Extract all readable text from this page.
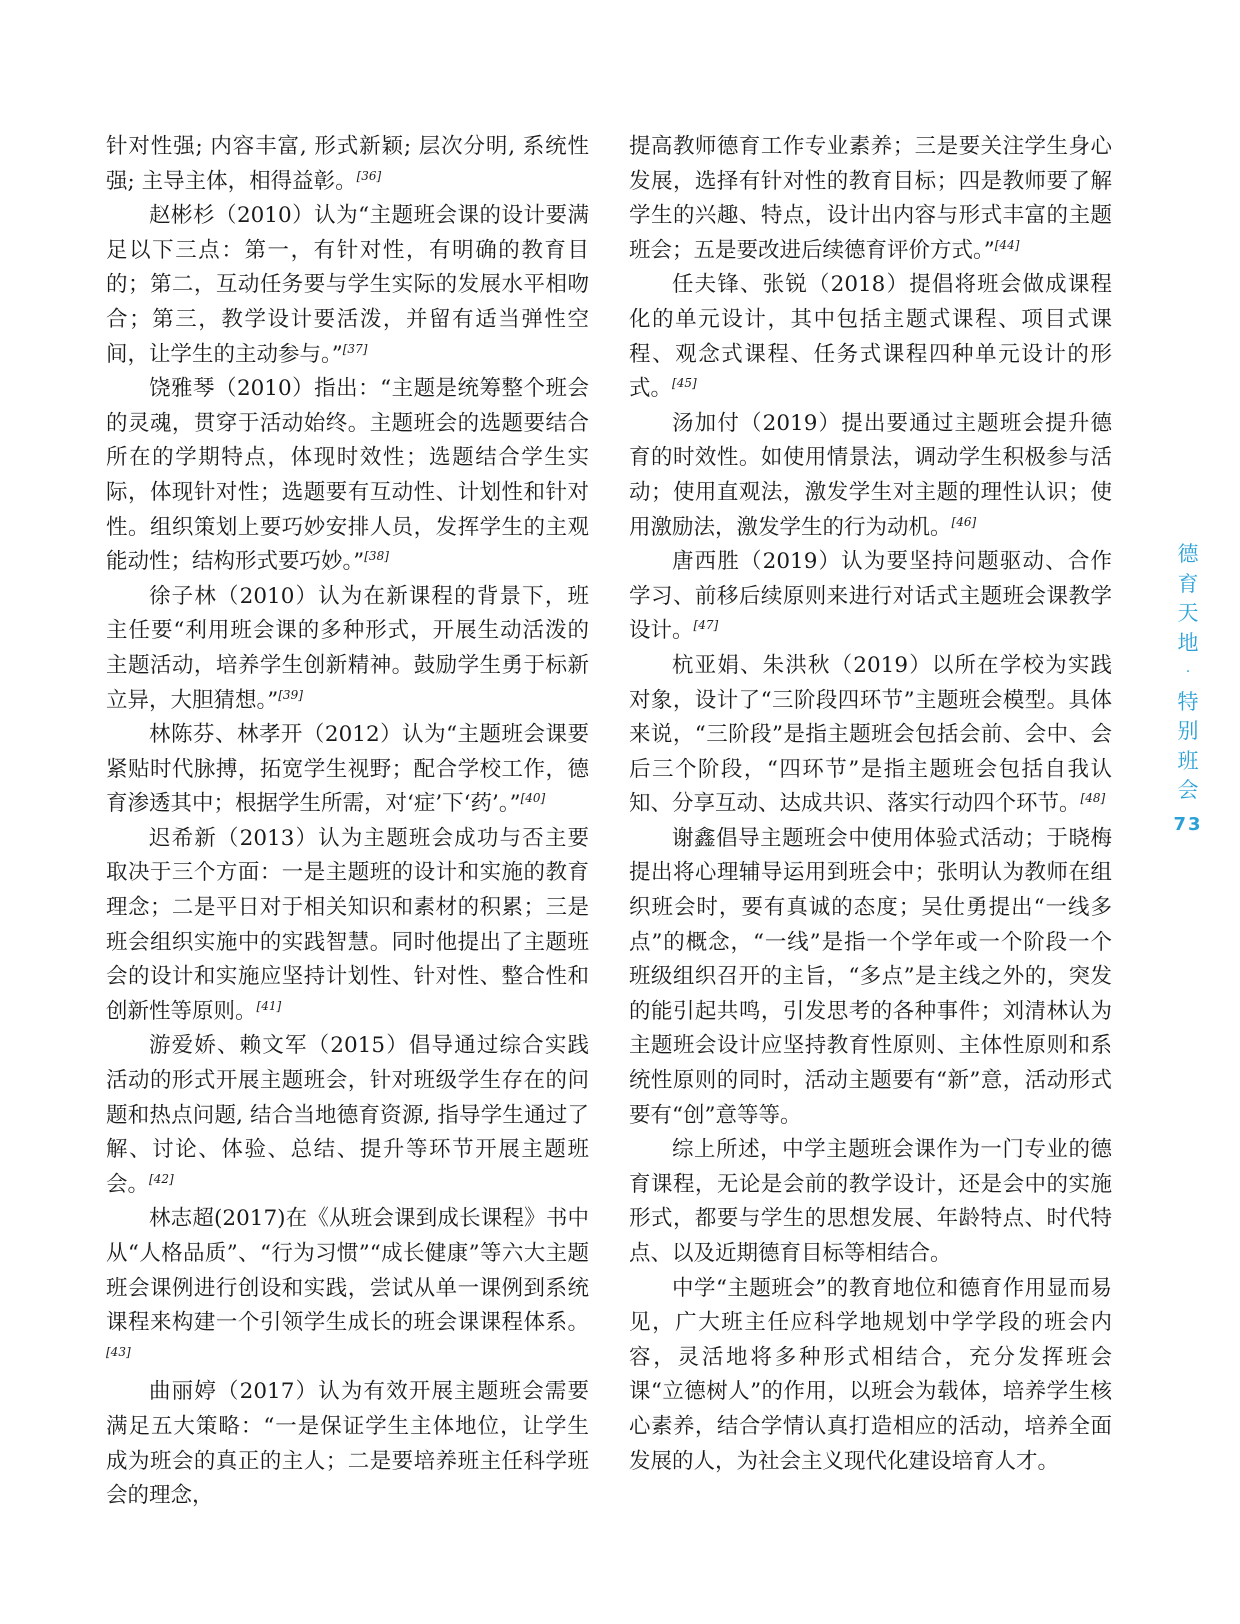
针对性强; 内容丰富, 形式新颖; 层次分明, 系统性强; 主导主体，相得益彰。[36]

赵彬杉（2010）认为“主题班会课的设计要满足以下三点：第一，有针对性，有明确的教育目的；第二，互动任务要与学生实际的发展水平相吻合；第三，教学设计要活泼，并留有适当弹性空间，让学生的主动参与。”[37]

饶雅琴（2010）指出：“主题是统筹整个班会的灵魂，贯穿于活动始终。主题班会的选题要结合所在的学期特点，体现时效性；选题结合学生实际，体现针对性；选题要有互动性、计划性和针对性。组织策划上要巧妙安排人员，发挥学生的主观能动性；结构形式要巧妙。”[38]

徐子林（2010）认为在新课程的背景下，班主任要“利用班会课的多种形式，开展生动活泼的主题活动，培养学生创新精神。鼓励学生勇于标新立异，大胆猜想。”[39]

林陈芬、林孝开（2012）认为“主题班会课要紧贴时代脉搏，拓宽学生视野；配合学校工作，德育渗透其中；根据学生所需，对‘症’下‘药’。”[40]

迟希新（2013）认为主题班会成功与否主要取决于三个方面：一是主题班的设计和实施的教育理念；二是平日对于相关知识和素材的积累；三是班会组织实施中的实践智慧。同时他提出了主题班会的设计和实施应坚持计划性、针对性、整合性和创新性等原则。[41]

游爱娇、赖文军（2015）倡导通过综合实践活动的形式开展主题班会，针对班级学生存在的问题和热点问题, 结合当地德育资源, 指导学生通过了解、讨论、体验、总结、提升等环节开展主题班会。[42]

林志超(2017)在《从班会课到成长课程》书中从“人格品质”、“行为习惯”“成长健康”等六大主题班会课例进行创设和实践，尝试从单一课例到系统课程来构建一个引领学生成长的班会课课程体系。[43]

曲丽婷（2017）认为有效开展主题班会需要满足五大策略：“一是保证学生主体地位，让学生成为班会的真正的主人；二是要培养班主任科学班会的理念，

提高教师德育工作专业素养；三是要关注学生身心发展，选择有针对性的教育目标；四是教师要了解学生的兴趣、特点，设计出内容与形式丰富的主题班会；五是要改进后续德育评价方式。”[44]

任夫锋、张锐（2018）提倡将班会做成课程化的单元设计，其中包括主题式课程、项目式课程、观念式课程、任务式课程四种单元设计的形式。[45]

汤加付（2019）提出要通过主题班会提升德育的时效性。如使用情景法，调动学生积极参与活动；使用直观法，激发学生对主题的理性认识；使用激励法，激发学生的行为动机。[46]

唐西胜（2019）认为要坚持问题驱动、合作学习、前移后续原则来进行对话式主题班会课教学设计。[47]

杭亚娟、朱洪秋（2019）以所在学校为实践对象，设计了“三阶段四环节”主题班会模型。具体来说，“三阶段”是指主题班会包括会前、会中、会后三个阶段，“四环节”是指主题班会包括自我认知、分享互动、达成共识、落实行动四个环节。[48]

谢鑫倡导主题班会中使用体验式活动；于晓梅提出将心理辅导运用到班会中；张明认为教师在组织班会时，要有真诚的态度；吴仕勇提出“一线多点”的概念，“一线”是指一个学年或一个阶段一个班级组织召开的主旨，“多点”是主线之外的，突发的能引起共鸣，引发思考的各种事件；刘清林认为主题班会设计应坚持教育性原则、主体性原则和系统性原则的同时，活动主题要有“新”意，活动形式要有“创”意等等。

综上所述，中学主题班会课作为一门专业的德育课程，无论是会前的教学设计，还是会中的实施形式，都要与学生的思想发展、年龄特点、时代特点、以及近期德育目标等相结合。

中学“主题班会”的教育地位和德育作用显而易见，广大班主任应科学地规划中学学段的班会内容，灵活地将多种形式相结合，充分发挥班会课“立德树人”的作用，以班会为载体，培养学生核心素养，结合学情认真打造相应的活动，培养全面发展的人，为社会主义现代化建设培育人才。

德
育
天
地
·
特
别
班
会
73
